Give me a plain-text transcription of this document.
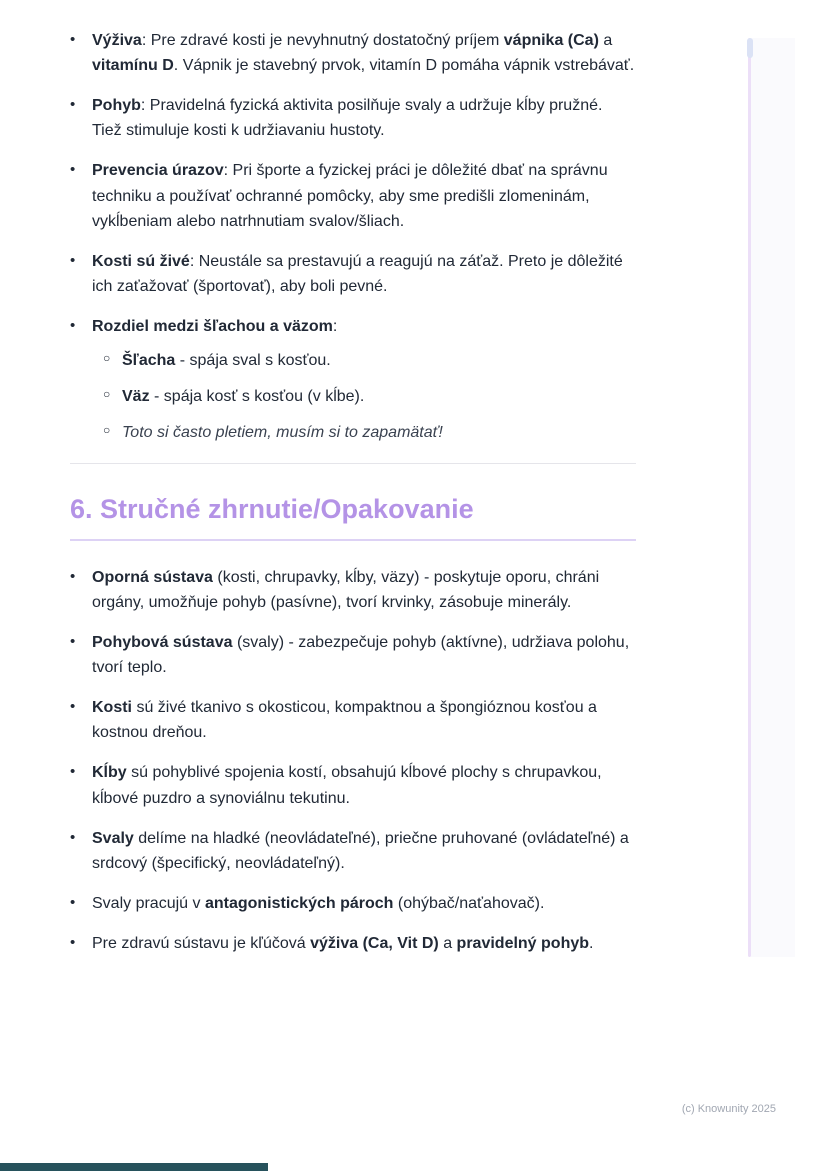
•	Výživa: Pre zdravé kosti je nevyhnutný dostatočný príjem vápnika (Ca) a vitamínu D. Vápnik je stavebný prvok, vitamín D pomáha vápnik vstrebávať.
•	Pohyb: Pravidelná fyzická aktivita posilňuje svaly a udržuje kĺby pružné. Tiež stimuluje kosti k udržiavaniu hustoty.
•	Prevencia úrazov: Pri športe a fyzickej práci je dôležité dbať na správnu techniku a používať ochranné pomôcky, aby sme predišli zlomeninám, vykĺbeniam alebo natrhnutiam svalov/šliach.
•	Kosti sú živé: Neustále sa prestavujú a reagujú na záťaž. Preto je dôležité ich zaťažovať (športovať), aby boli pevné.
•	Rozdiel medzi šľachou a väzom:
○ Šľacha - spája sval s kosťou.
○ Väz - spája kosť s kosťou (v kĺbe).
○ Toto si často pletiem, musím si to zapamätať!
6. Stručné zhrnutie/Opakovanie
•	Oporná sústava (kosti, chrupavky, kĺby, väzy) - poskytuje oporu, chráni orgány, umožňuje pohyb (pasívne), tvorí krvinky, zásobuje minerály.
•	Pohybová sústava (svaly) - zabezpečuje pohyb (aktívne), udržiava polohu, tvorí teplo.
•	Kosti sú živé tkanivo s okosticou, kompaktnou a špongióznou kosťou a kostnou dreňou.
•	Kĺby sú pohyblivé spojenia kostí, obsahujú kĺbové plochy s chrupavkou, kĺbové puzdro a synoviálnu tekutinu.
•	Svaly delíme na hladké (neovládateľné), priečne pruhované (ovládateľné) a srdcový (špecifický, neovládateľný).
•	Svaly pracujú v antagonistických pároch (ohýbač/naťahovač).
•	Pre zdravú sústavu je kľúčová výživa (Ca, Vit D) a pravidelný pohyb.
(c) Knowunity 2025
